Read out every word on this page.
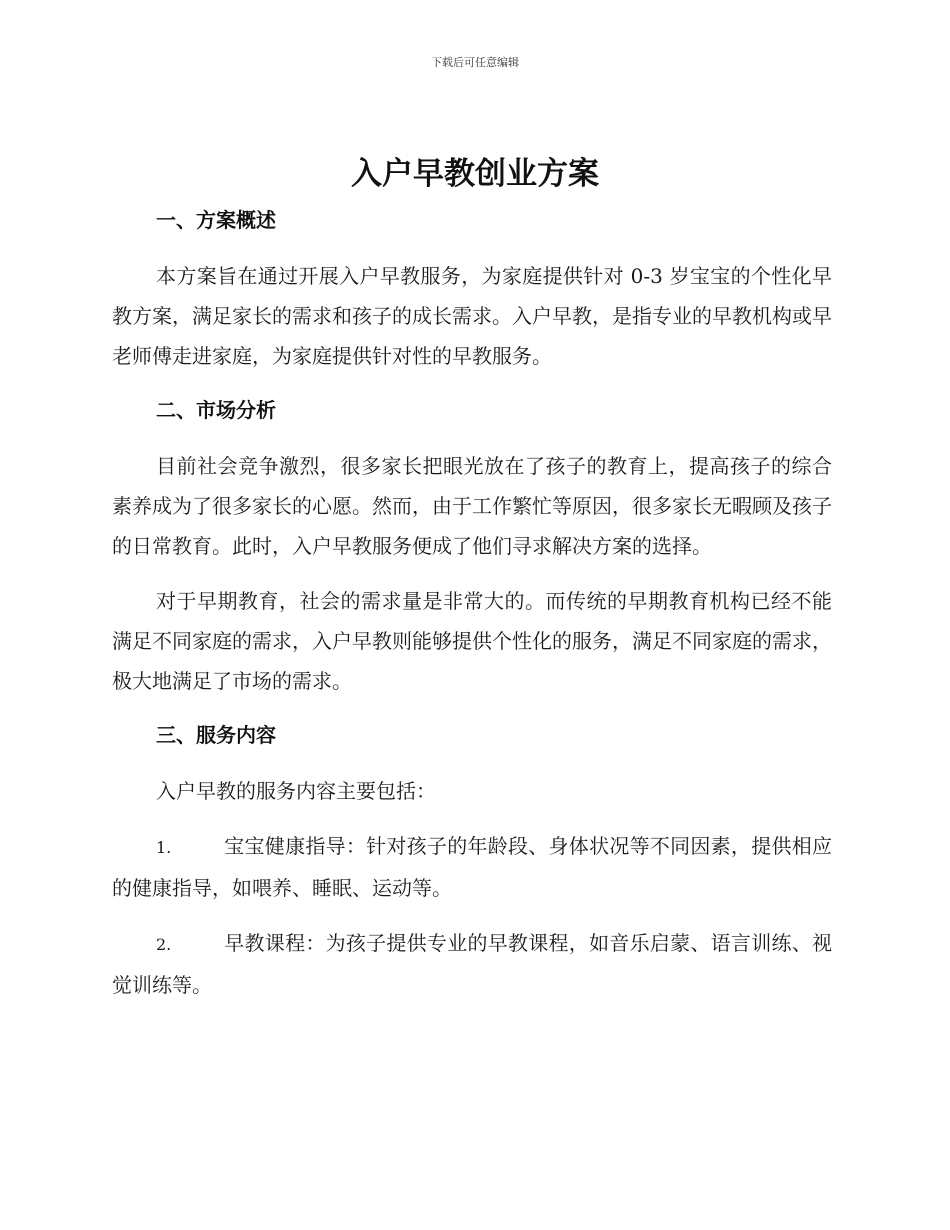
下载后可任意编辑
入户早教创业方案
一、方案概述

本方案旨在通过开展入户早教服务，为家庭提供针对 0-3 岁宝宝的个性化早教方案，满足家长的需求和孩子的成长需求。入户早教，是指专业的早教机构或早老师傅走进家庭，为家庭提供针对性的早教服务。

二、市场分析

目前社会竞争激烈，很多家长把眼光放在了孩子的教育上，提高孩子的综合素养成为了很多家长的心愿。然而，由于工作繁忙等原因，很多家长无暇顾及孩子的日常教育。此时，入户早教服务便成了他们寻求解决方案的选择。

对于早期教育，社会的需求量是非常大的。而传统的早期教育机构已经不能满足不同家庭的需求，入户早教则能够提供个性化的服务，满足不同家庭的需求，极大地满足了市场的需求。

三、服务内容

入户早教的服务内容主要包括：

1.	宝宝健康指导：针对孩子的年龄段、身体状况等不同因素，提供相应的健康指导，如喂养、睡眠、运动等。

2.	早教课程：为孩子提供专业的早教课程，如音乐启蒙、语言训练、视觉训练等。
